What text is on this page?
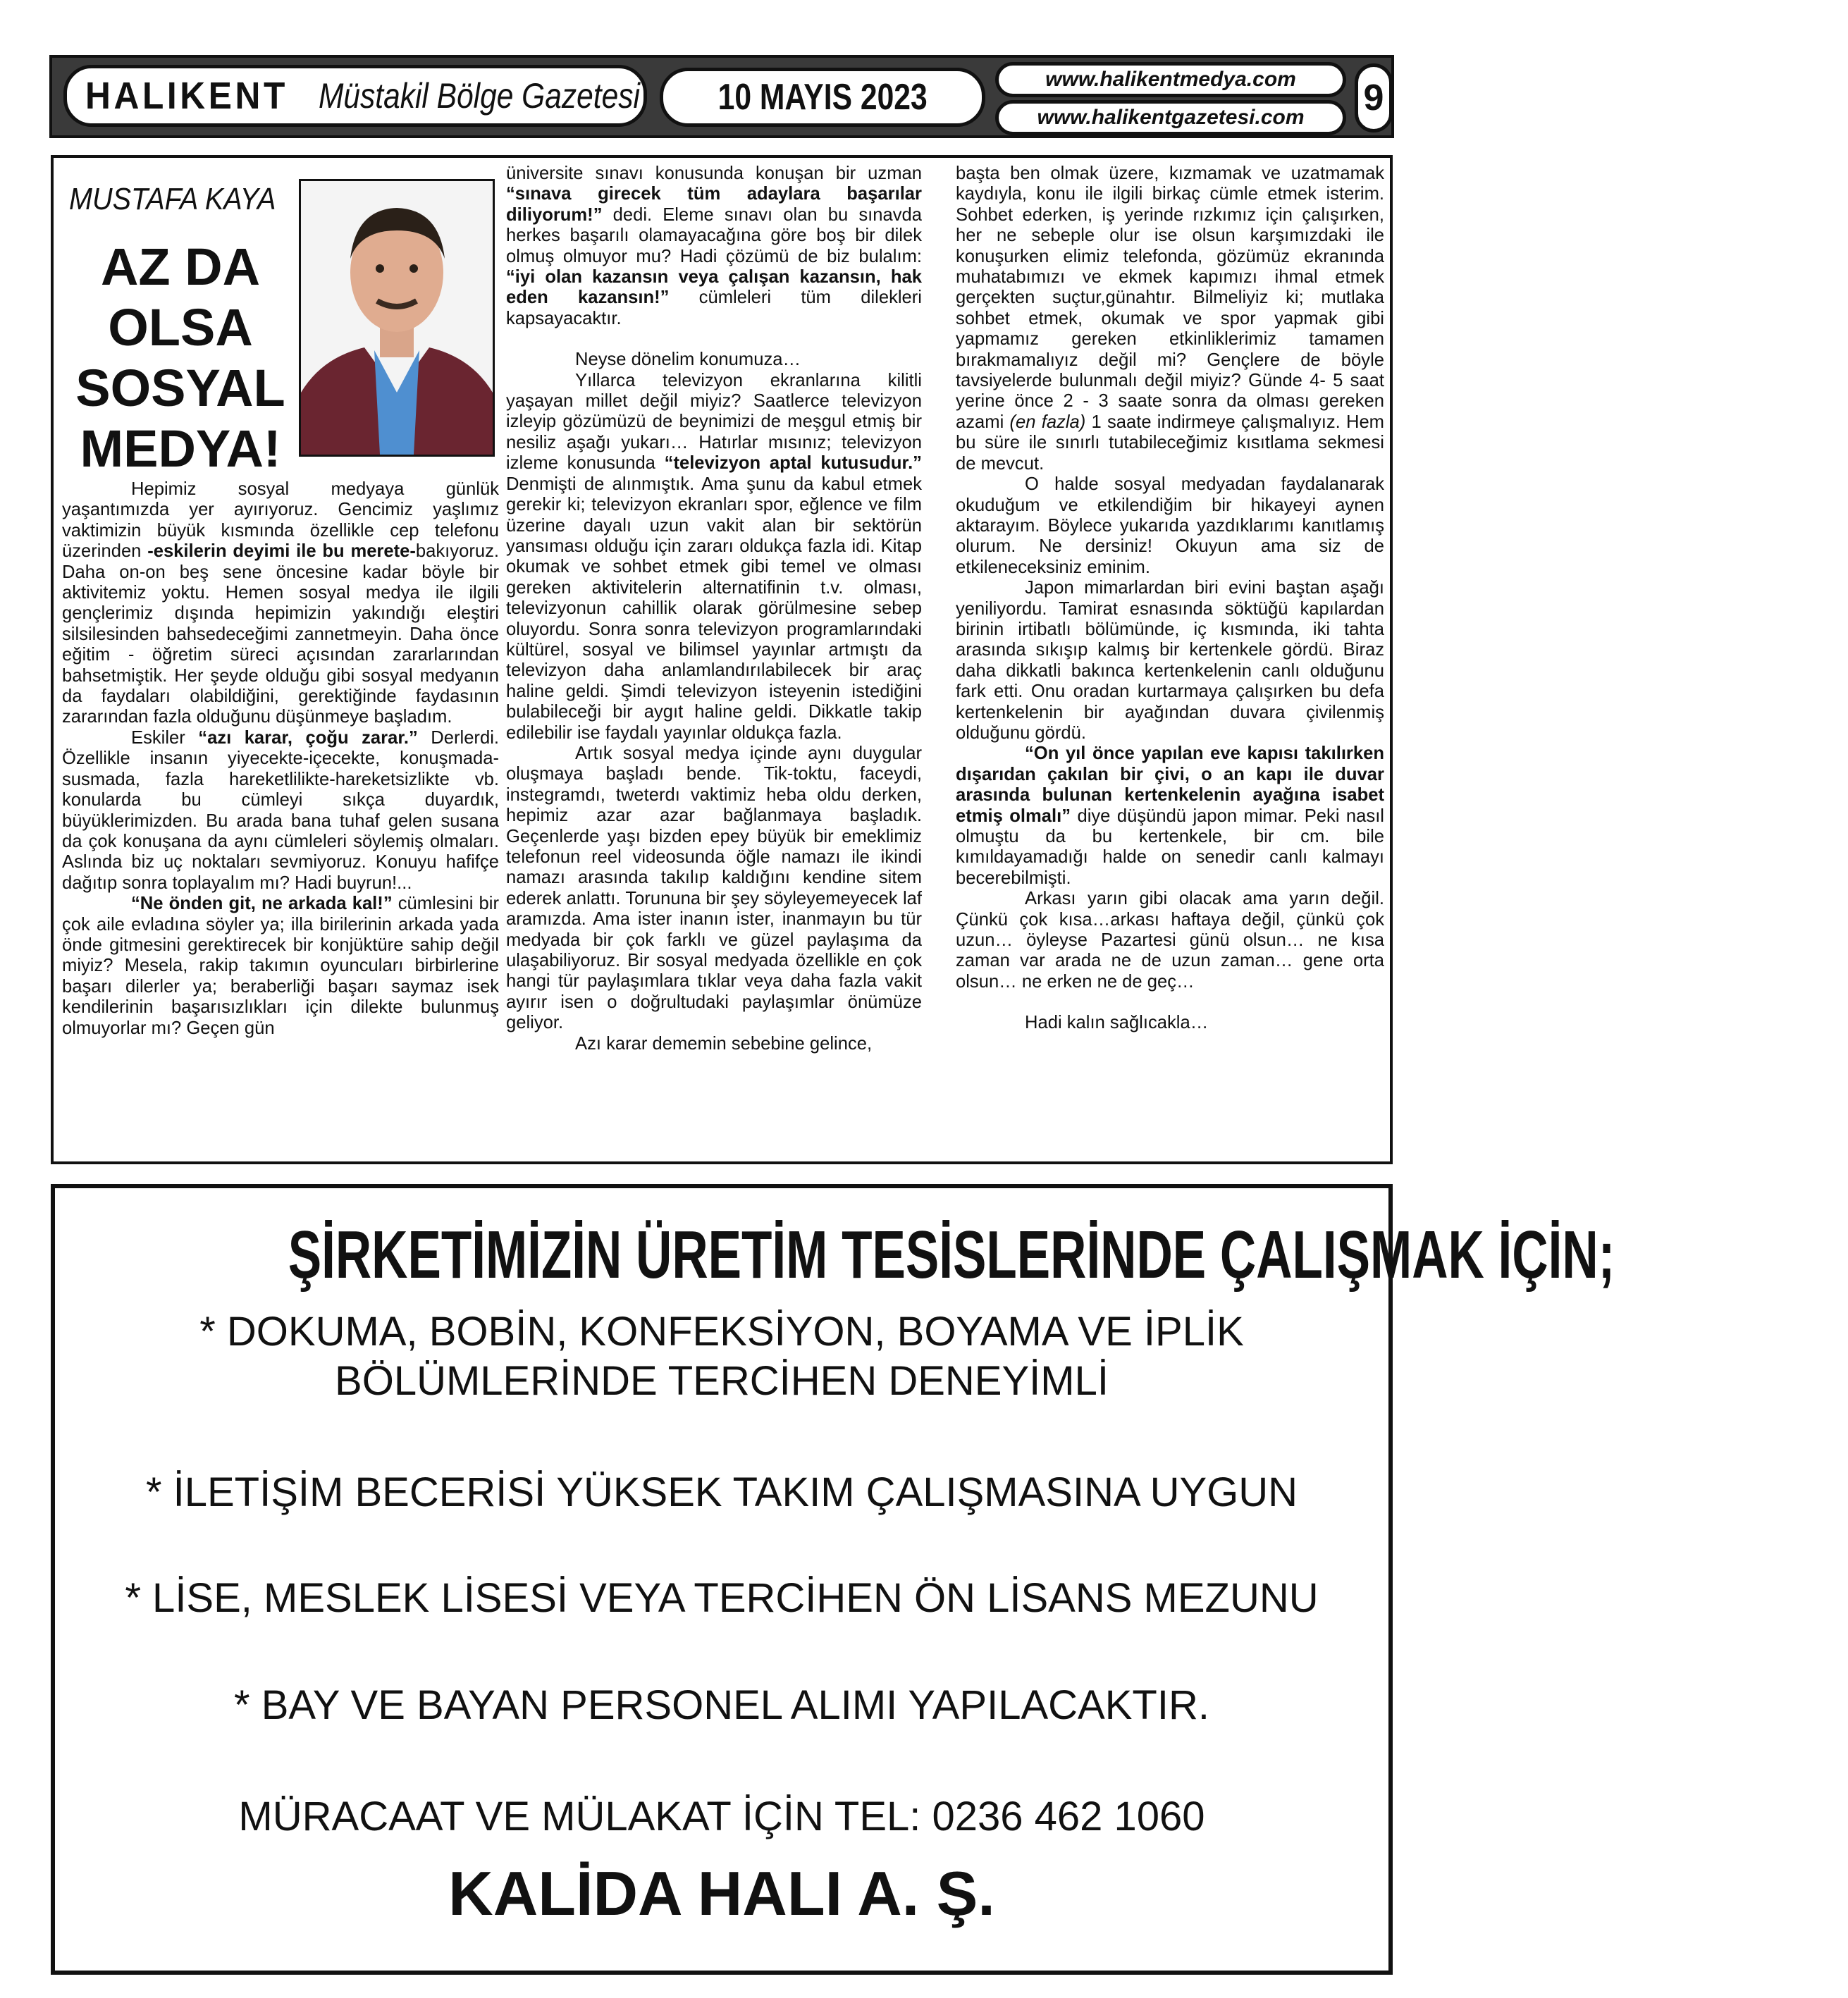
HALIKENT Müstakil Bölge Gazetesi 10 MAYIS 2023	www.halikentmedya.com
www.halikentgazetesi.com	9
MUSTAFA KAYA
AZ DA
OLSA
SOSYAL
MEDYA!

Hepimiz sosyal medyaya günlük yaşantımızda yer ayırıyoruz. Gencimiz yaşlımız vaktimizin büyük kısmında özellikle cep telefonu üzerinden -eskilerin deyimi ile bu merete-bakıyoruz. Daha on-on beş sene öncesine kadar böyle bir aktivitemiz yoktu. Hemen sosyal medya ile ilgili gençlerimiz dışında hepimizin yakındığı eleştiri silsilesinden bahsedeceğimi zannetmeyin. Daha önce eğitim - öğretim süreci açısından zararlarından bahsetmiştik. Her şeyde olduğu gibi sosyal medyanın da faydaları olabildiğini, gerektiğinde faydasının zararından fazla olduğunu düşünmeye başladım.

Eskiler “azı karar, çoğu zarar.” Derlerdi. Özellikle insanın yiyecekte-içecekte, konuşmada-susmada, fazla hareketlilikte-hareketsizlikte vb. konularda bu cümleyi sıkça duyardık, büyüklerimizden. Bu arada bana tuhaf gelen susana da çok konuşana da aynı cümleleri söylemiş olmaları. Aslında biz uç noktaları sevmiyoruz. Konuyu hafifçe dağıtıp sonra toplayalım mı? Hadi buyrun!...

“Ne önden git, ne arkada kal!” cümlesini bir çok aile evladına söyler ya; illa birilerinin arkada yada önde gitmesini gerektirecek bir konjüktüre sahip değil miyiz? Mesela, rakip takımın oyuncuları birbirlerine başarı dilerler ya; beraberliği başarı saymaz isek kendilerinin başarısızlıkları için dilekte bulunmuş olmuyorlar mı? Geçen gün

üniversite sınavı konusunda konuşan bir uzman “sınava girecek tüm adaylara başarılar diliyorum!” dedi. Eleme sınavı olan bu sınavda herkes başarılı olamayacağına göre boş bir dilek olmuş olmuyor mu? Hadi çözümü de biz bulalım: “iyi olan kazansın veya çalışan kazansın, hak eden kazansın!” cümleleri tüm dilekleri kapsayacaktır.

Neyse dönelim konumuza…

Yıllarca televizyon ekranlarına kilitli yaşayan millet değil miyiz? Saatlerce televizyon izleyip gözümüzü de beynimizi de meşgul etmiş bir nesiliz aşağı yukarı… Hatırlar mısınız; televizyon izleme konusunda “televizyon aptal kutusudur.” Denmişti de alınmıştık. Ama şunu da kabul etmek gerekir ki; televizyon ekranları spor, eğlence ve film üzerine dayalı uzun vakit alan bir sektörün yansıması olduğu için zararı oldukça fazla idi. Kitap okumak ve sohbet etmek gibi temel ve olması gereken aktivitelerin alternatifinin t.v. olması, televizyonun cahillik olarak görülmesine sebep oluyordu. Sonra sonra televizyon programlarındaki kültürel, sosyal ve bilimsel yayınlar artmıştı da televizyon daha anlamlandırılabilecek bir araç haline geldi. Şimdi televizyon isteyenin istediğini bulabileceği bir aygıt haline geldi. Dikkatle takip edilebilir ise faydalı yayınlar oldukça fazla.

Artık sosyal medya içinde aynı duygular oluşmaya başladı bende. Tik-toktu, faceydi, instegramdı, tweterdı vaktimiz heba oldu derken, hepimiz azar azar bağlanmaya başladık. Geçenlerde yaşı bizden epey büyük bir emeklimiz telefonun reel videosunda öğle namazı ile ikindi namazı arasında takılıp kaldığını kendine sitem ederek anlattı. Torununa bir şey söyleyemeyecek laf aramızda. Ama ister inanın ister, inanmayın bu tür medyada bir çok farklı ve güzel paylaşıma da ulaşabiliyoruz. Bir sosyal medyada özellikle en çok hangi tür paylaşımlara tıklar veya daha fazla vakit ayırır isen o doğrultudaki paylaşımlar önümüze geliyor.

Azı karar dememin sebebine gelince,

başta ben olmak üzere, kızmamak ve uzatmamak kaydıyla, konu ile ilgili birkaç cümle etmek isterim. Sohbet ederken, iş yerinde rızkımız için çalışırken, her ne sebeple olur ise olsun karşımızdaki ile konuşurken elimiz telefonda, gözümüz ekranında muhatabımızı ve ekmek kapımızı ihmal etmek gerçekten suçtur,günahtır. Bilmeliyiz ki; mutlaka sohbet etmek, okumak ve spor yapmak gibi yapmamız gereken etkinliklerimiz tamamen bırakmamalıyız değil mi? Gençlere de böyle tavsiyelerde bulunmalı değil miyiz? Günde 4- 5 saat yerine önce 2 - 3 saate sonra da olması gereken azami (en fazla) 1 saate indirmeye çalışmalıyız. Hem bu süre ile sınırlı tutabileceğimiz kısıtlama sekmesi de mevcut.

O halde sosyal medyadan faydalanarak okuduğum ve etkilendiğim bir hikayeyi aynen aktarayım. Böylece yukarıda yazdıklarımı kanıtlamış olurum. Ne dersiniz! Okuyun ama siz de etkileneceksiniz eminim.

Japon mimarlardan biri evini baştan aşağı yeniliyordu. Tamirat esnasında söktüğü kapılardan birinin irtibatlı bölümünde, iç kısmında, iki tahta arasında sıkışıp kalmış bir kertenkele gördü. Biraz daha dikkatli bakınca kertenkelenin canlı olduğunu fark etti. Onu oradan kurtarmaya çalışırken bu defa kertenkelenin bir ayağından duvara çivilenmiş olduğunu gördü.

“On yıl önce yapılan eve kapısı takılırken dışarıdan çakılan bir çivi, o an kapı ile duvar arasında bulunan kertenkelenin ayağına isabet etmiş olmalı” diye düşündü japon mimar. Peki nasıl olmuştu da bu kertenkele, bir cm. bile kımıldayamadığı halde on senedir canlı kalmayı becerebilmişti.

Arkası yarın gibi olacak ama yarın değil. Çünkü çok kısa…arkası haftaya değil, çünkü çok uzun… öyleyse Pazartesi günü olsun… ne kısa zaman var arada ne de uzun zaman… gene orta olsun… ne erken ne de geç…

Hadi kalın sağlıcakla…

ŞİRKETİMİZİN ÜRETİM TESİSLERİNDE ÇALIŞMAK İÇİN;
* DOKUMA, BOBİN, KONFEKSİYON, BOYAMA VE İPLİK
BÖLÜMLERİNDE TERCİHEN DENEYİMLİ
* İLETİŞİM BECERİSİ YÜKSEK TAKIM ÇALIŞMASINA UYGUN
* LİSE, MESLEK LİSESİ VEYA TERCİHEN ÖN LİSANS MEZUNU
* BAY VE BAYAN PERSONEL ALIMI YAPILACAKTIR.
MÜRACAAT VE MÜLAKAT İÇİN TEL: 0236 462 1060
KALİDA HALI A. Ş.
